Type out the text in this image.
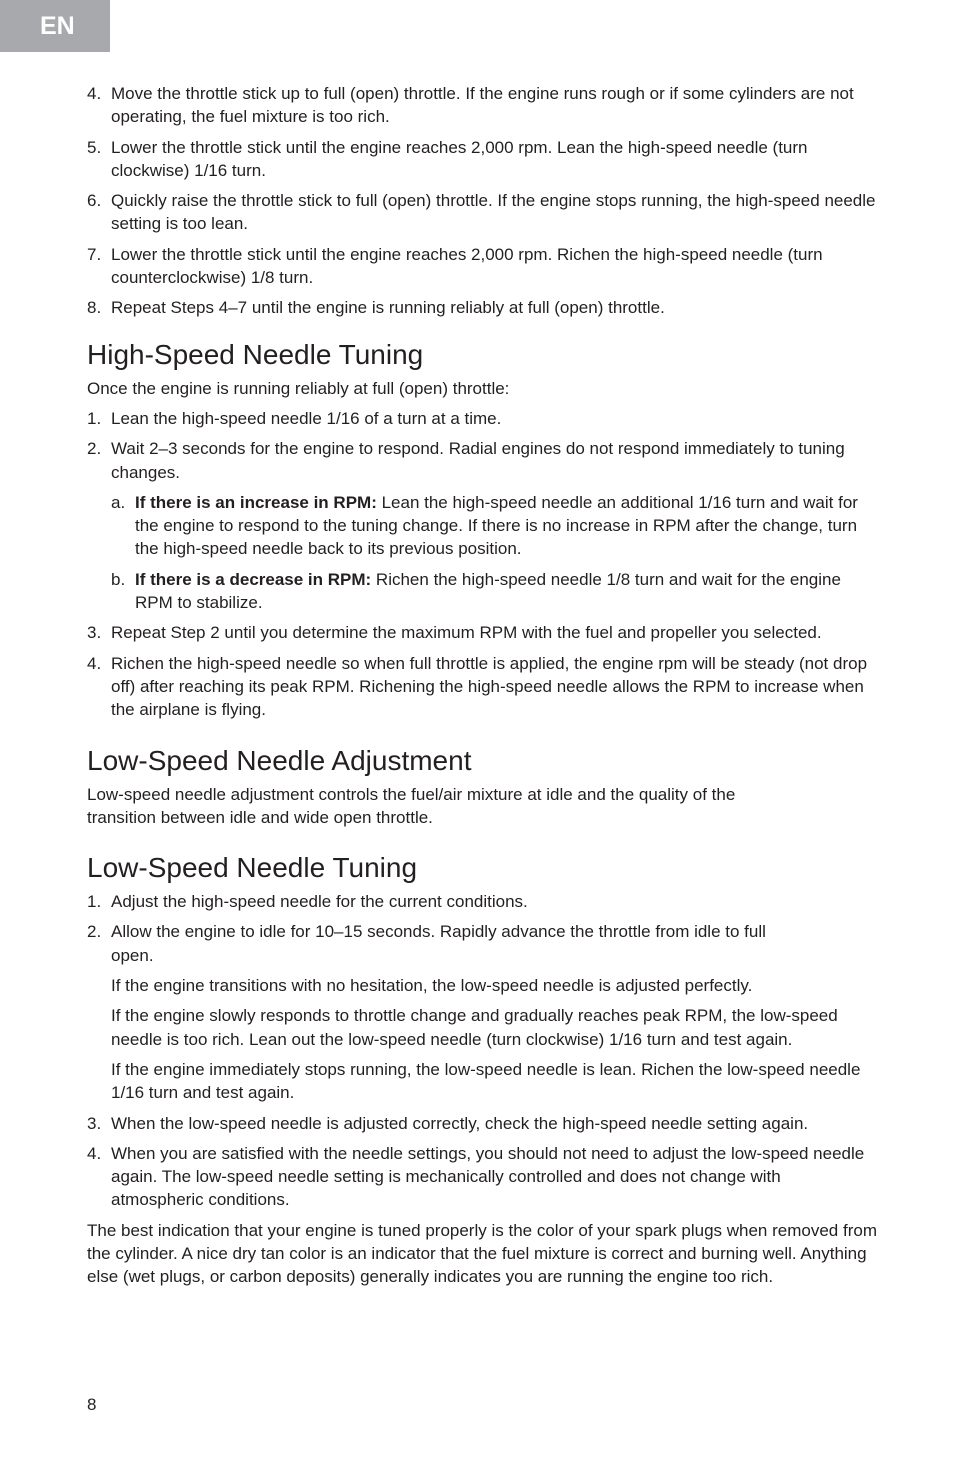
EN
4. Move the throttle stick up to full (open) throttle. If the engine runs rough or if some cylinders are not operating, the fuel mixture is too rich.
5. Lower the throttle stick until the engine reaches 2,000 rpm. Lean the high-speed needle (turn clockwise) 1/16 turn.
6. Quickly raise the throttle stick to full (open) throttle. If the engine stops running, the high-speed needle setting is too lean.
7. Lower the throttle stick until the engine reaches 2,000 rpm. Richen the high-speed needle (turn counterclockwise) 1/8 turn.
8. Repeat Steps 4–7 until the engine is running reliably at full (open) throttle.
High-Speed Needle Tuning

Once the engine is running reliably at full (open) throttle:

1. Lean the high-speed needle 1/16 of a turn at a time.
2. Wait 2–3 seconds for the engine to respond. Radial engines do not respond immediately to tuning changes.
a. If there is an increase in RPM: Lean the high-speed needle an additional 1/16 turn and wait for the engine to respond to the tuning change. If there is no increase in RPM after the change, turn the high-speed needle back to its previous position.
b. If there is a decrease in RPM: Richen the high-speed needle 1/8 turn and wait for the engine RPM to stabilize.
3. Repeat Step 2 until you determine the maximum RPM with the fuel and propeller you selected.
4. Richen the high-speed needle so when full throttle is applied, the engine rpm will be steady (not drop off) after reaching its peak RPM. Richening the high-speed needle allows the RPM to increase when the airplane is flying.
Low-Speed Needle Adjustment

Low-speed needle adjustment controls the fuel/air mixture at idle and the quality of the transition between idle and wide open throttle.

Low-Speed Needle Tuning
1. Adjust the high-speed needle for the current conditions.
2. Allow the engine to idle for 10–15 seconds. Rapidly advance the throttle from idle to full open.

If the engine transitions with no hesitation, the low-speed needle is adjusted perfectly.

If the engine slowly responds to throttle change and gradually reaches peak RPM, the low-speed needle is too rich. Lean out the low-speed needle (turn clockwise) 1/16 turn and test again.

If the engine immediately stops running, the low-speed needle is lean. Richen the low-speed needle 1/16 turn and test again.

3. When the low-speed needle is adjusted correctly, check the high-speed needle setting again.
4. When you are satisfied with the needle settings, you should not need to adjust the low-speed needle again. The low-speed needle setting is mechanically controlled and does not change with atmospheric conditions.

The best indication that your engine is tuned properly is the color of your spark plugs when removed from the cylinder. A nice dry tan color is an indicator that the fuel mixture is correct and burning well. Anything else (wet plugs, or carbon deposits) generally indicates you are running the engine too rich.

8
